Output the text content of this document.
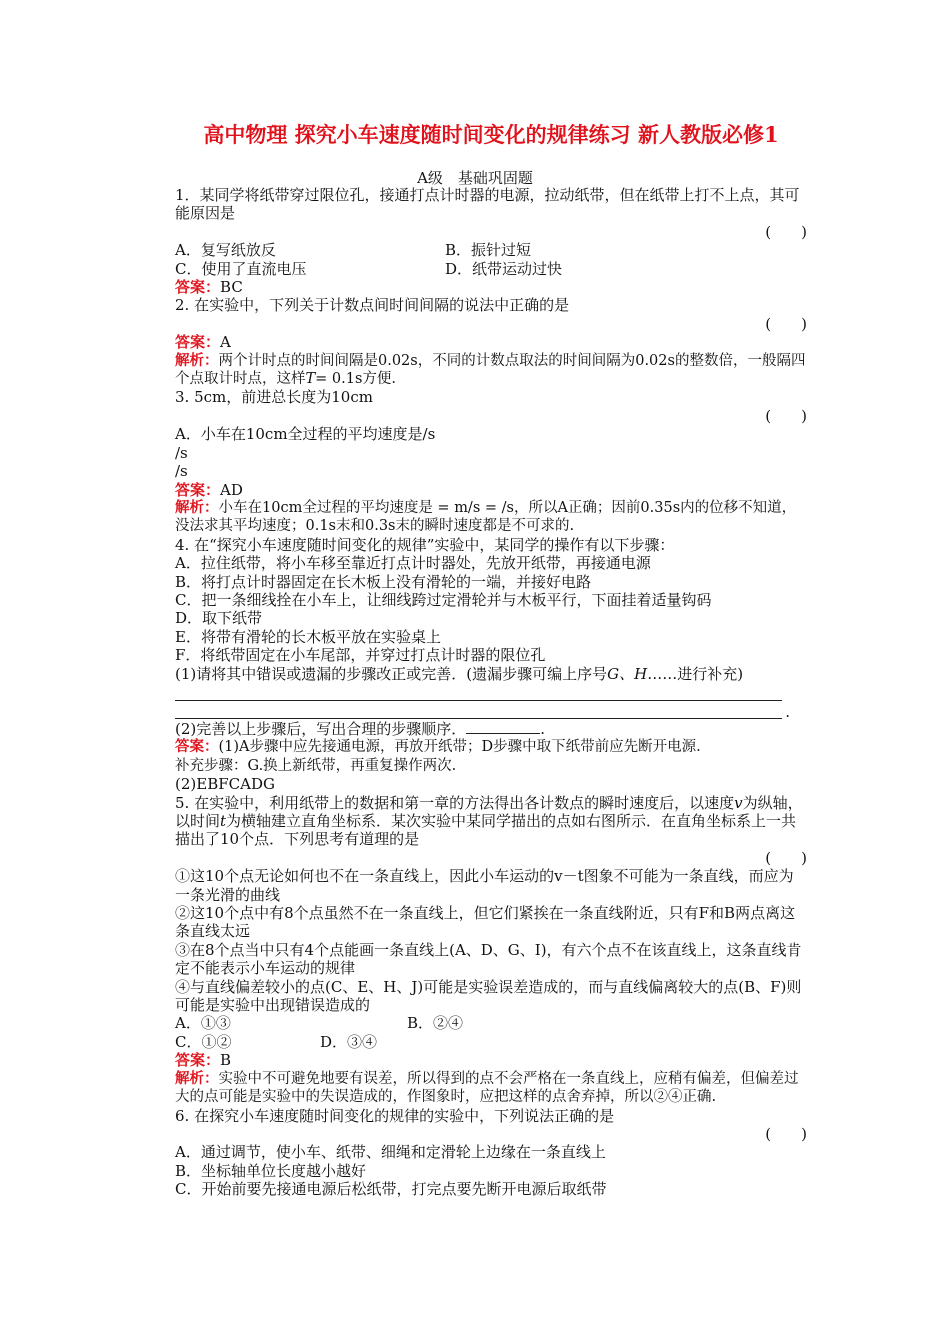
高中物理 探究小车速度随时间变化的规律练习 新人教版必修1
A级　基础巩固题

1．某同学将纸带穿过限位孔，接通打点计时器的电源，拉动纸带，但在纸带上打不上点，其可能原因是

(　　)

A．复写纸放反	B．振针过短
C．使用了直流电压	D．纸带运动过快

答案：BC

2. 在实验中，下列关于计数点间时间间隔的说法中正确的是

(　　)

答案：A

解析：两个计时点的时间间隔是0.02s，不同的计数点取法的时间间隔为0.02s的整数倍，一般隔四个点取计时点，这样T= 0.1s方便.

3. 5cm，前进总长度为10cm

(　　)

A．小车在10cm全过程的平均速度是/s

/s

/s

答案：AD

解析：小车在10cm全过程的平均速度是 = m/s = /s，所以A正确；因前0.35s内的位移不知道，没法求其平均速度；0.1s末和0.3s末的瞬时速度都是不可求的.

4. 在“探究小车速度随时间变化的规律”实验中，某同学的操作有以下步骤：

A．拉住纸带，将小车移至靠近打点计时器处，先放开纸带，再接通电源

B．将打点计时器固定在长木板上没有滑轮的一端，并接好电路

C．把一条细线拴在小车上，让细线跨过定滑轮并与木板平行，下面挂着适量钩码

D．取下纸带

E．将带有滑轮的长木板平放在实验桌上

F．将纸带固定在小车尾部，并穿过打点计时器的限位孔

(1)请将其中错误或遗漏的步骤改正或完善．(遗漏步骤可编上序号G、H……进行补充)

.

(2)完善以上步骤后，写出合理的步骤顺序．	.

答案：(1)A步骤中应先接通电源，再放开纸带；D步骤中取下纸带前应先断开电源.

补充步骤：G.换上新纸带，再重复操作两次.

(2)EBFCADG

5. 在实验中，利用纸带上的数据和第一章的方法得出各计数点的瞬时速度后，以速度v为纵轴，以时间t为横轴建立直角坐标系．某次实验中某同学描出的点如右图所示．在直角坐标系上一共描出了10个点．下列思考有道理的是

(　　)

①这10个点无论如何也不在一条直线上，因此小车运动的v－t图象不可能为一条直线，而应为一条光滑的曲线

②这10个点中有8个点虽然不在一条直线上，但它们紧挨在一条直线附近，只有F和B两点离这条直线太远

③在8个点当中只有4个点能画一条直线上(A、D、G、I)，有六个点不在该直线上，这条直线肯定不能表示小车运动的规律

④与直线偏差较小的点(C、E、H、J)可能是实验误差造成的，而与直线偏离较大的点(B、F)则可能是实验中出现错误造成的

A．①③	B．②④
C．①②	D．③④

答案：B

解析：实验中不可避免地要有误差，所以得到的点不会严格在一条直线上，应稍有偏差，但偏差过大的点可能是实验中的失误造成的，作图象时，应把这样的点舍弃掉，所以②④正确.

6. 在探究小车速度随时间变化的规律的实验中，下列说法正确的是

(　　)

A．通过调节，使小车、纸带、细绳和定滑轮上边缘在一条直线上

B．坐标轴单位长度越小越好

C．开始前要先接通电源后松纸带，打完点要先断开电源后取纸带
